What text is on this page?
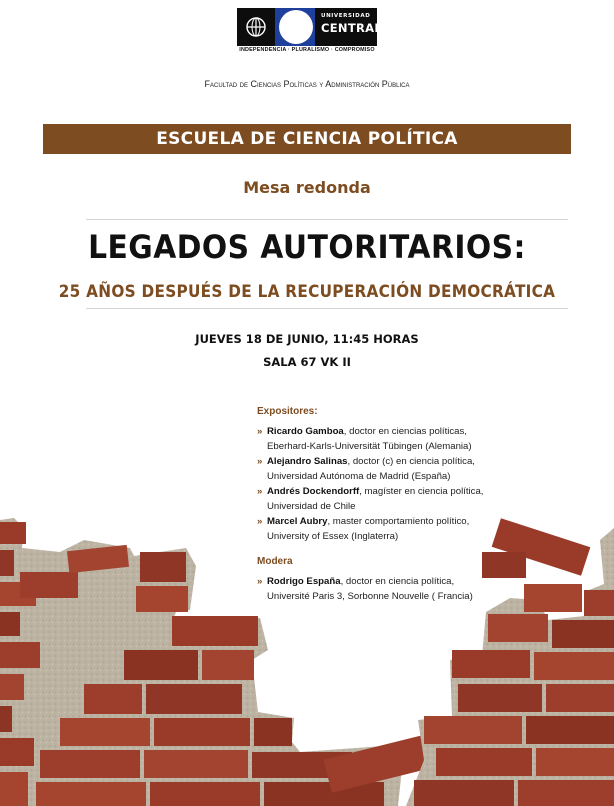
UNIVERSIDAD
CENTRAL
INDEPENDENCIA · PLURALISMO · COMPROMISO
Facultad de Ciencias Políticas y Administración Pública
ESCUELA DE CIENCIA POLÍTICA
Mesa redonda
LEGADOS AUTORITARIOS:
25 AÑOS DESPUÉS DE LA RECUPERACIÓN DEMOCRÁTICA
JUEVES 18 DE JUNIO, 11:45 HORAS
SALA 67 VK II
Expositores:
» Ricardo Gamboa, doctor en ciencias políticas,
Eberhard-Karls-Universität Tübingen (Alemania)
» Alejandro Salinas, doctor (c) en ciencia política,
Universidad Autónoma de Madrid (España)
» Andrés Dockendorff, magíster en ciencia política,
Universidad de Chile
» Marcel Aubry, master comportamiento político,
University of Essex (Inglaterra)
Modera
» Rodrigo España, doctor en ciencia política,
Université Paris 3, Sorbonne Nouvelle ( Francia)
